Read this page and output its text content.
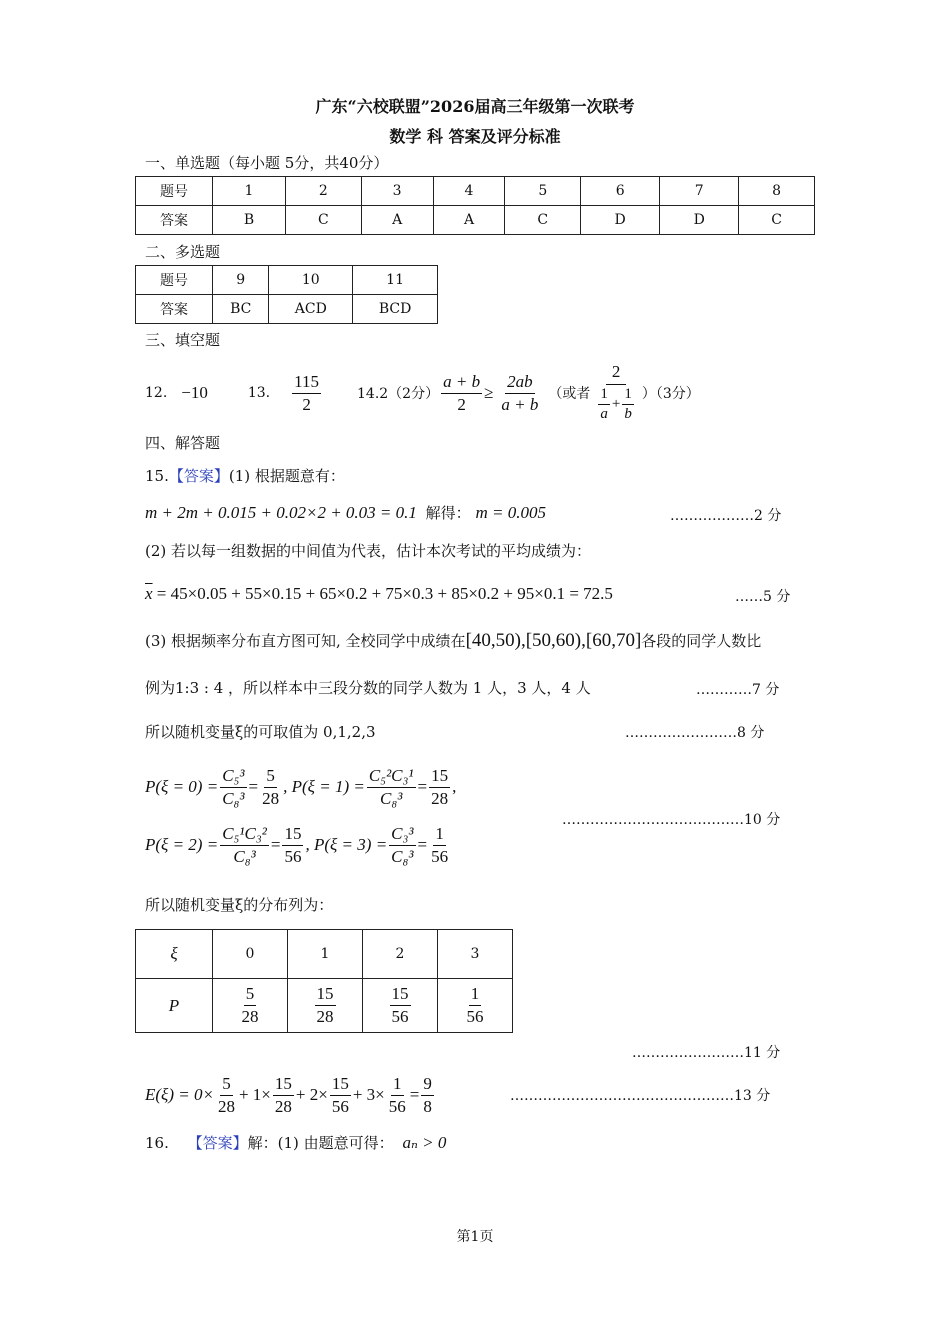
广东“六校联盟”2026届高三年级第一次联考
数学 科 答案及评分标准
一、单选题（每小题 5分，共40分）
题号	1	2	3	4	5	6	7	8
答案	B	C	A	A	C	D	D	C
二、多选题
题号	9	10	11
答案	BC	ACD	BCD
三、填空题
12. −10	13. $\frac{115}{2}$	14.2（2分） $\frac{a + b}{2} \ge \frac{2ab}{a + b}$ （或者 $\frac{2}{\frac{1}{a} + \frac{1}{b}} )(3$分）
四、解答题
15.【答案】(1) 根据题意有：
m + 2m + 0.015 + 0.02×2 + 0.03 = 0.1 解得： m = 0.005	………………2 分
(2) 若以每一组数据的中间值为代表，估计本次考试的平均成绩为：
$\overline{x} = 45\times 0.05 + 55\times 0.15 + 65\times 0.2 + 75\times 0.3 + 85\times 0.2 + 95\times 0.1 = 72.5$	……5 分
(3) 根据频率分布直方图可知, 全校同学中成绩在[40,50),[50,60),[60,70]各段的同学人数比
例为1:3 : 4 ，所以样本中三段分数的同学人数为 1 人，3 人，4 人	…………7 分
所以随机变量ξ的可取值为 0,1,2,3	……………………8 分
$P(\xi = 0) = \frac{\text{C₅³}}{\text{C₈³}} = \frac{5}{28}$ , $P(\xi = 1) = \frac{\text{C₅²C₃¹}}{\text{C₈³}} = \frac{15}{28}$ ,
$P(\xi = 2) = \frac{\text{C₅¹C₃²}}{\text{C₈³}} = \frac{15}{56}$ , $P(\xi = 3) = \frac{\text{C₃³}}{\text{C₈³}} = \frac{1}{56}$
…………………………………10 分
所以随机变量ξ的分布列为：
ξ	0	1	2	3
P	$\frac{5}{28}$	$\frac{15}{28}$	$\frac{15}{56}$	$\frac{1}{56}$
……………………11 分
$E(\xi) = 0\times \frac{5}{28} + 1\times \frac{15}{28} + 2\times \frac{15}{56} + 3\times \frac{1}{56} = \frac{9}{8}$	…………………………………………13 分
16. 【答案】解：(1) 由题意可得： aₙ > 0
第1页
